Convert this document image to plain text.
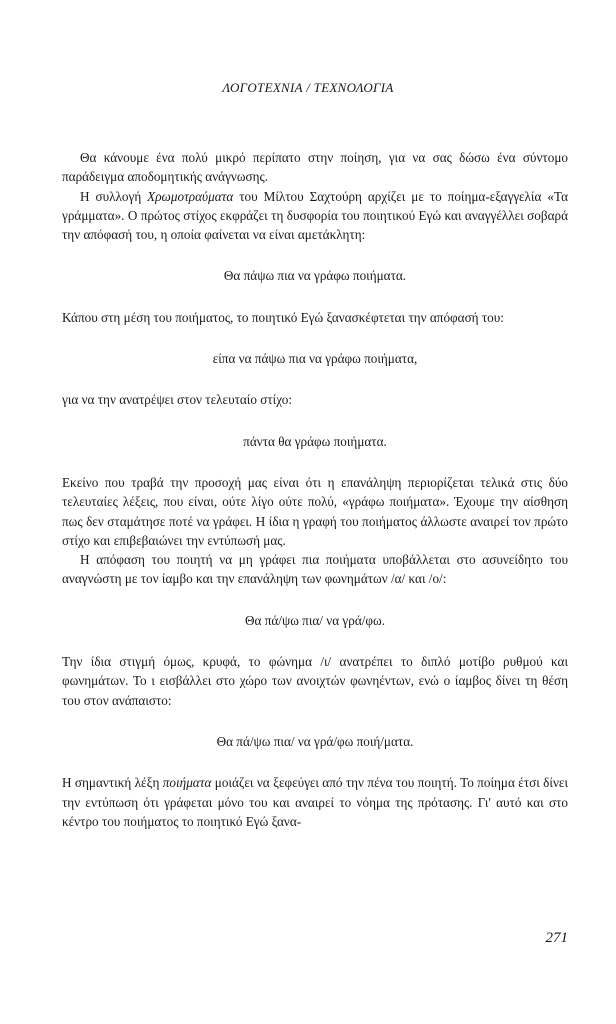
ΛΟΓΟΤΕΧΝΙΑ / ΤΕΧΝΟΛΟΓΙΑ

Θα κάνουμε ένα πολύ μικρό περίπατο στην ποίηση, για να σας δώσω ένα σύντομο παράδειγμα αποδομητικής ανάγνωσης.

Η συλλογή Χρωμοτραύματα του Μίλτου Σαχτούρη αρχίζει με το ποίημα-εξαγγελία «Τα γράμματα». Ο πρώτος στίχος εκφράζει τη δυσφορία του ποιητικού Εγώ και αναγγέλλει σοβαρά την απόφασή του, η οποία φαίνεται να είναι αμετάκλητη:

Θα πάψω πια να γράφω ποιήματα.

Κάπου στη μέση του ποιήματος, το ποιητικό Εγώ ξανασκέφτεται την απόφασή του:

είπα να πάψω πια να γράφω ποιήματα,

για να την ανατρέψει στον τελευταίο στίχο:

πάντα θα γράφω ποιήματα.

Εκείνο που τραβά την προσοχή μας είναι ότι η επανάληψη περιορίζεται τελικά στις δύο τελευταίες λέξεις, που είναι, ούτε λίγο ούτε πολύ, «γράφω ποιήματα». Έχουμε την αίσθηση πως δεν σταμάτησε ποτέ να γράφει. Η ίδια η γραφή του ποιήματος άλλωστε αναιρεί τον πρώτο στίχο και επιβεβαιώνει την εντύπωσή μας.

Η απόφαση του ποιητή να μη γράφει πια ποιήματα υποβάλλεται στο ασυνείδητο του αναγνώστη με τον ίαμβο και την επανάληψη των φωνημάτων /α/ και /ο/:

Θα πά/ψω πια/ να γρά/φω.

Την ίδια στιγμή όμως, κρυφά, το φώνημα /ι/ ανατρέπει το διπλό μοτίβο ρυθμού και φωνημάτων. Το ι εισβάλλει στο χώρο των ανοιχτών φωνηέντων, ενώ ο ίαμβος δίνει τη θέση του στον ανάπαιστο:

Θα πά/ψω πια/ να γρά/φω ποιή/ματα.

Η σημαντική λέξη ποιήματα μοιάζει να ξεφεύγει από την πένα του ποιητή. Το ποίημα έτσι δίνει την εντύπωση ότι γράφεται μόνο του και αναιρεί το νόημα της πρότασης. Γι' αυτό και στο κέντρο του ποιήματος το ποιητικό Εγώ ξανα-

271
